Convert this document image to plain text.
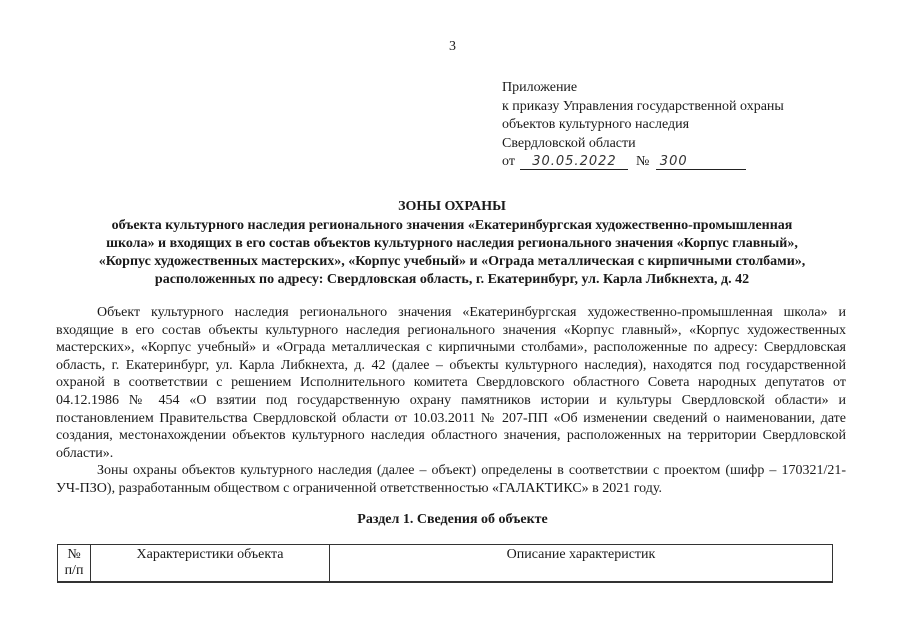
3
Приложение
к приказу Управления государственной охраны
объектов культурного наследия
Свердловской области
от 30.05.2022 № 300
ЗОНЫ ОХРАНЫ
объекта культурного наследия регионального значения «Екатеринбургская художественно-промышленная
школа» и входящих в его состав объектов культурного наследия регионального значения «Корпус главный»,
«Корпус художественных мастерских», «Корпус учебный» и «Ограда металлическая с кирпичными столбами»,
расположенных по адресу: Свердловская область, г. Екатеринбург, ул. Карла Либкнехта, д. 42

Объект культурного наследия регионального значения «Екатеринбургская художественно-промышленная школа» и входящие в его состав объекты культурного наследия регионального значения «Корпус главный», «Корпус художественных мастерских», «Корпус учебный» и «Ограда металлическая с кирпичными столбами», расположенные по адресу: Свердловская область, г. Екатеринбург, ул. Карла Либкнехта, д. 42 (далее – объекты культурного наследия), находятся под государственной охраной в соответствии с решением Исполнительного комитета Свердловского областного Совета народных депутатов от 04.12.1986 № 454 «О взятии под государственную охрану памятников истории и культуры Свердловской области» и постановлением Правительства Свердловской области от 10.03.2011 № 207-ПП «Об изменении сведений о наименовании, дате создания, местонахождении объектов культурного наследия областного значения, расположенных на территории Свердловской области».

Зоны охраны объектов культурного наследия (далее – объект) определены в соответствии с проектом (шифр – 170321/21-УЧ-ПЗО), разработанным обществом с ограниченной ответственностью «ГАЛАКТИКС» в 2021 году.

Раздел 1. Сведения об объекте
№ п/п	Характеристики объекта	Описание характеристик
